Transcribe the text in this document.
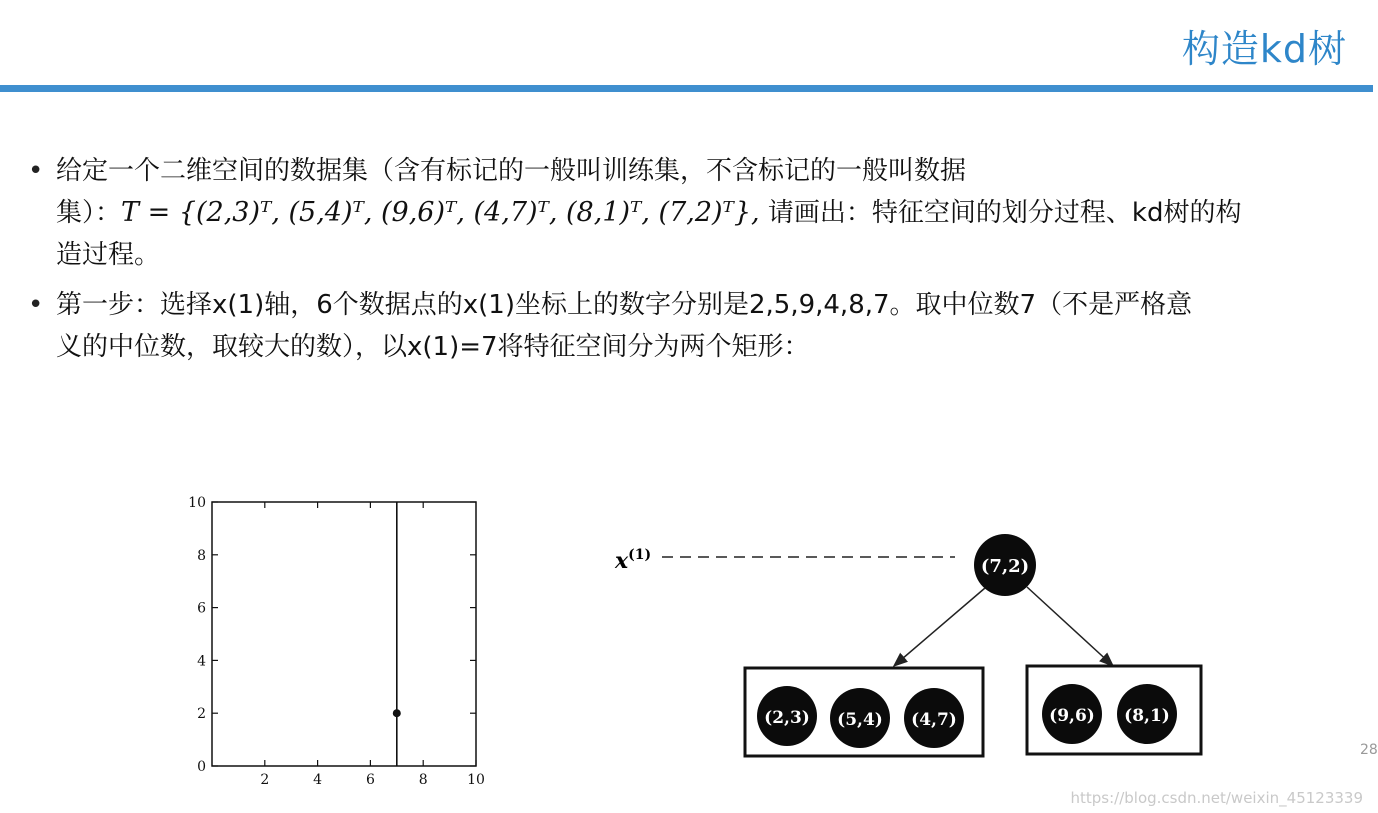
构造kd树
• 给定一个二维空间的数据集（含有标记的一般叫训练集，不含标记的一般叫数据
集）：T = {(2,3)ᵀ, (5,4)ᵀ, (9,6)ᵀ, (4,7)ᵀ, (8,1)ᵀ, (7,2)ᵀ}, 请画出：特征空间的划分过程、kd树的构
造过程。
• 第一步：选择x(1)轴，6个数据点的x(1)坐标上的数字分别是2,5,9,4,8,7。取中位数7（不是严格意
义的中位数，取较大的数），以x(1)=7将特征空间分为两个矩形：
2	4	6	8	10
0
2
4
6
8
10
$x^{(1)}$
(7,2)
(2,3) (5,4) (4,7)	(9,6) (8,1)
28
https://blog.csdn.net/weixin_45123339
